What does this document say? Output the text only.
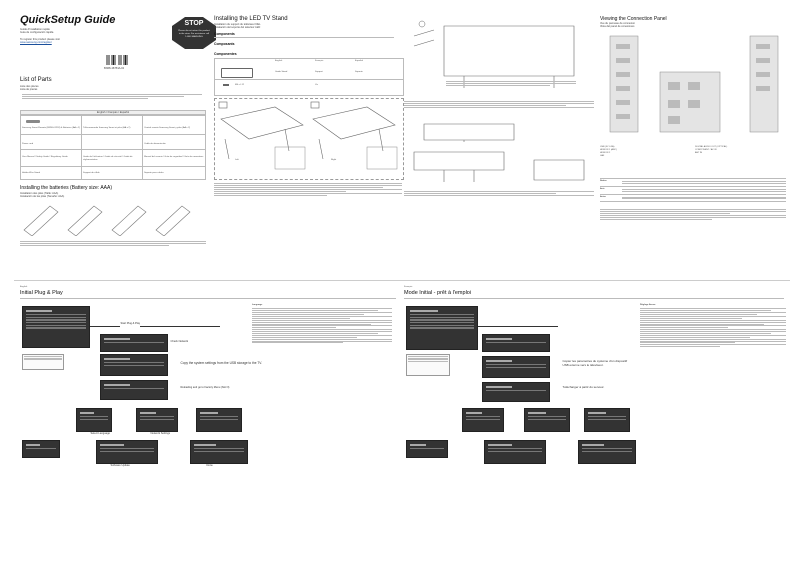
QuickSetup Guide
Guide d'installation rapide
Guía de configuración rápida
To register this product please visit
www.samsung.com/register
STOP
Please do not return this product to the store. For assistance call 1-800-SAMSUNG
BN68-15784A-02
List of Parts
Liste des pièces
Lista de piezas
English / Français / Español
Samsung Smart Remote (BN59-01259) & Batteries (AA x 2)	Télécommande Samsung Smart et piles (AA x 2)	Control remoto Samsung Smart y pilas (AA x 2)

Power cord		Cable de alimentación

User Manual / Safety Guide / Regulatory Guide	Guide de l'utilisateur / Guide de sécurité / Guide de réglementation	Manual del usuario / Guía de seguridad / Guía de normativas

Holder-Wire Stand	Support de câble	Soporte para cables
Installing the batteries (Battery size: AAA)
Installation des piles (Taille: AAA)
Instalación de las pilas (Tamaño: AAA)
Installing the LED TV Stand
Installation du support du téléviseur DEL
Instalación del soporte del televisor LED
Components
Composants
Componentes
English	Français	Español
Guide Stand	Support	Soporte
M4 x L12	Vis
Left	Right
Viewing the Connection Panel
Vue du panneau de connexion
Vista del panel de conexiones
USB (5V 0.5A)
HDMI IN 1 (ARC)
HDMI IN 2
LAN
DIGITAL AUDIO OUT (OPTICAL)
COMPONENT / AV IN
ANT IN
Notice
Avis
Aviso
English
Initial Plug & Play
Start Plug & Play
Check Network
Copy the system settings from the USB storage to the TV.
Reloading and go to Factory Menu (Not N)
Select Language	Network Settings
Software Update	Done
Language
Français
Mode Initial - prêt à l'emploi
Copier les paramètres du système d'un dispositif USB externe vers le téléviseur.
Télécharger à partir du serveur.
Réglage Arrow
